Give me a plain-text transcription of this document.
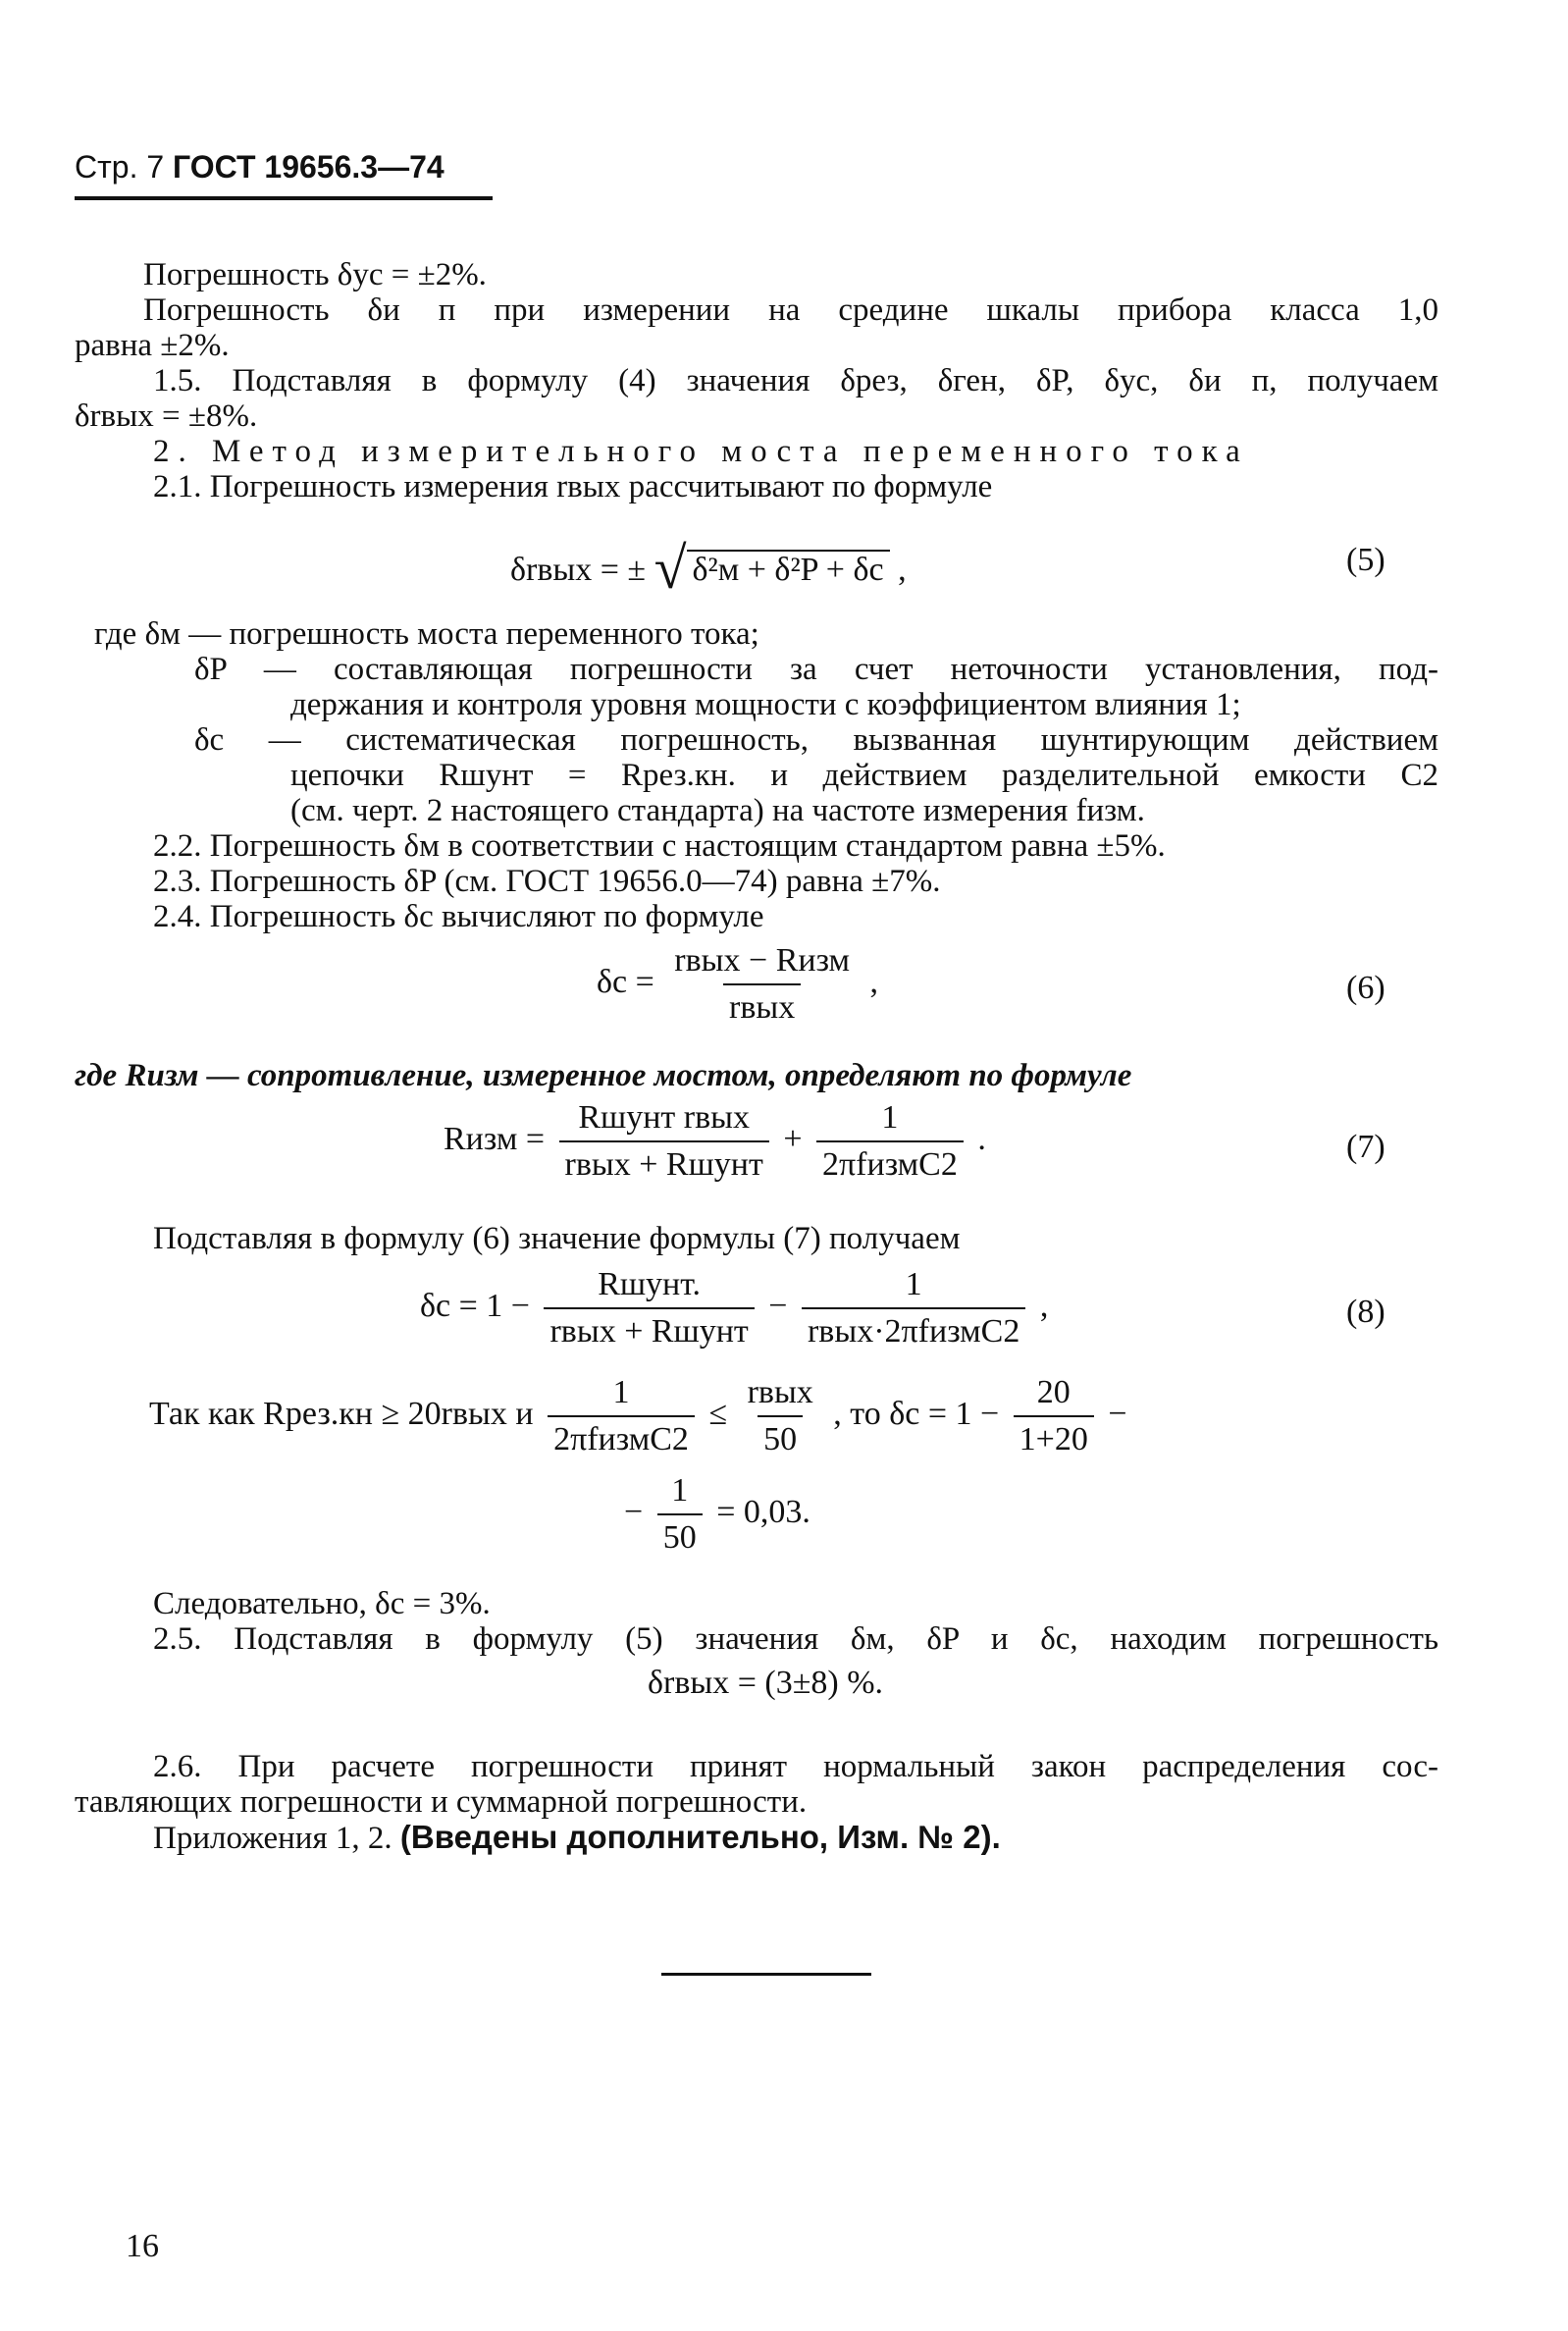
Стр. 7 ГОСТ 19656.3—74
Погрешность δус = ±2%.
Погрешность δи п при измерении на средине шкалы прибора класса 1,0
равна ±2%.
1.5. Подставляя в формулу (4) значения δрез, δген, δP, δус, δи п, получаем
δrвых = ±8%.
2. Метод измерительного моста переменного тока
2.1. Погрешность измерения rвых рассчитывают по формуле
δrвых = ± √ δ²м + δ²P + δс ,	(5)
где δм — погрешность моста переменного тока;
δP — составляющая погрешности за счет неточности установления, под-
держания и контроля уровня мощности с коэффициентом влияния 1;
δс — систематическая погрешность, вызванная шунтирующим действием
цепочки Rшунт = Rрез.кн. и действием разделительной емкости С2
(см. черт. 2 настоящего стандарта) на частоте измерения fизм.
2.2. Погрешность δм в соответствии с настоящим стандартом равна ±5%.
2.3. Погрешность δP (см. ГОСТ 19656.0—74) равна ±7%.
2.4. Погрешность δс вычисляют по формуле
$\delta с = \frac{\text{rвых − Rизм}}{\text{rвых}}$ ,	(6)
где Rизм — сопротивление, измеренное мостом, определяют по формуле
Rизм = $\frac{\text{Rшунт rвых}}{\text{rвых + Rшунт}} + \frac{1}{\text{2πfизмC2}}$ .	(7)
Подставляя в формулу (6) значение формулы (7) получаем
$\delta с = 1 - \frac{\text{Rшунт.}}{\text{rвых + Rшунт}} - \frac{1}{\text{rвых·2πfизмC2}}$ ,	(8)
Так как Rрез.кн ≥ 20rвых и $\frac{1}{\text{2πfизмC2}} \le \frac{\text{rвых}}{50}$ , то $\delta с = 1 - \frac{20}{1+20}$ −
− $\frac{1}{50} = 0,03$.
Следовательно, δс = 3%.
2.5. Подставляя в формулу (5) значения δм, δP и δс, находим погрешность
δrвых = (3±8) %.
2.6. При расчете погрешности принят нормальный закон распределения сос-
тавляющих погрешности и суммарной погрешности.
Приложения 1, 2. (Введены дополнительно, Изм. № 2).
16
